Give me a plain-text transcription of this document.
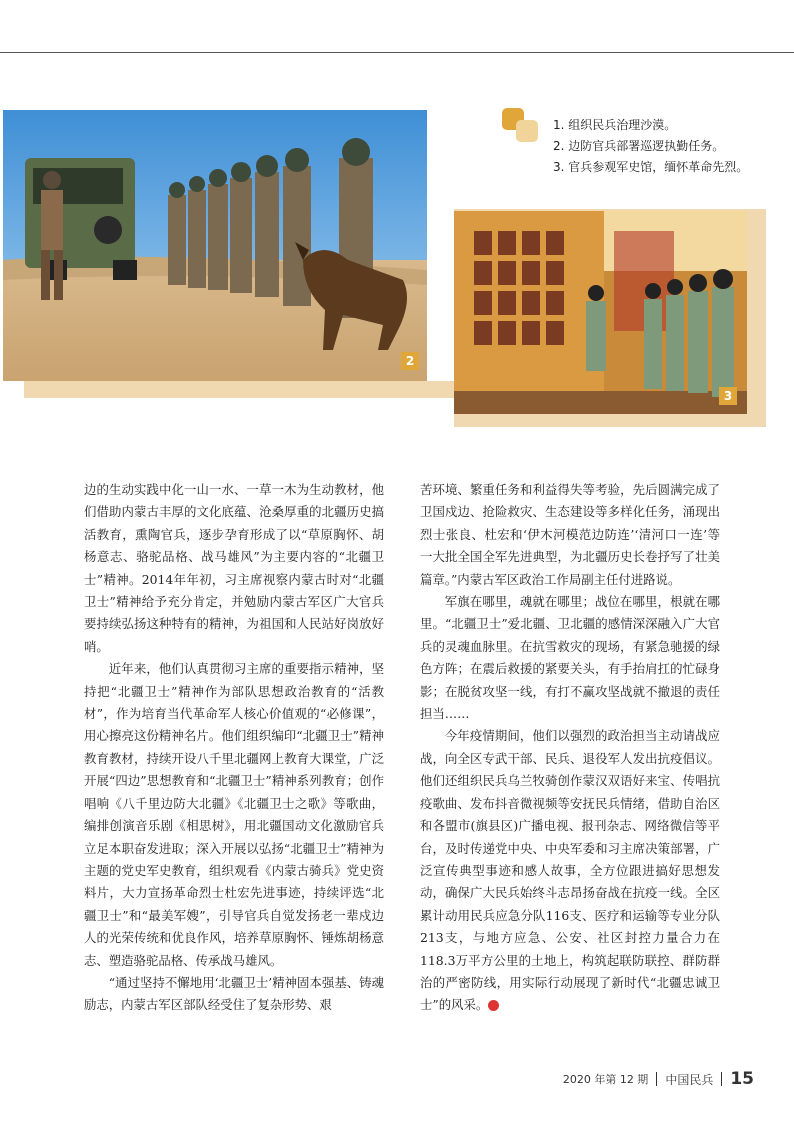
2
3
1. 组织民兵治理沙漠。
2. 边防官兵部署巡逻执勤任务。
3. 官兵参观军史馆，缅怀革命先烈。

边的生动实践中化一山一水、一草一木为生动教材，他们借助内蒙古丰厚的文化底蕴、沧桑厚重的北疆历史搞活教育，熏陶官兵，逐步孕育形成了以“草原胸怀、胡杨意志、骆驼品格、战马雄风”为主要内容的“北疆卫士”精神。2014年年初，习主席视察内蒙古时对“北疆卫士”精神给予充分肯定，并勉励内蒙古军区广大官兵要持续弘扬这种特有的精神，为祖国和人民站好岗放好哨。

近年来，他们认真贯彻习主席的重要指示精神，坚持把“北疆卫士”精神作为部队思想政治教育的“活教材”，作为培育当代革命军人核心价值观的“必修课”，用心擦亮这份精神名片。他们组织编印“北疆卫士”精神教育教材，持续开设八千里北疆网上教育大课堂，广泛开展“四边”思想教育和“北疆卫士”精神系列教育；创作唱响《八千里边防大北疆》《北疆卫士之歌》等歌曲，编排创演音乐剧《相思树》，用北疆国动文化激励官兵立足本职奋发进取；深入开展以弘扬“北疆卫士”精神为主题的党史军史教育，组织观看《内蒙古骑兵》党史资料片，大力宣扬革命烈士杜宏先进事迹，持续评选“北疆卫士”和“最美军嫂”，引导官兵自觉发扬老一辈戍边人的光荣传统和优良作风，培养草原胸怀、锤炼胡杨意志、塑造骆驼品格、传承战马雄风。

“通过坚持不懈地用‘北疆卫士’精神固本强基、铸魂励志，内蒙古军区部队经受住了复杂形势、艰

苦环境、繁重任务和利益得失等考验，先后圆满完成了卫国戍边、抢险救灾、生态建设等多样化任务，涌现出烈士张良、杜宏和‘伊木河模范边防连’‘清河口一连’等一大批全国全军先进典型，为北疆历史长卷抒写了壮美篇章。”内蒙古军区政治工作局副主任付进路说。

军旗在哪里，魂就在哪里；战位在哪里，根就在哪里。“北疆卫士”爱北疆、卫北疆的感情深深融入广大官兵的灵魂血脉里。在抗雪救灾的现场，有紧急驰援的绿色方阵；在震后救援的紧要关头，有手抬肩扛的忙碌身影；在脱贫攻坚一线，有打不赢攻坚战就不撤退的责任担当……

今年疫情期间，他们以强烈的政治担当主动请战应战，向全区专武干部、民兵、退役军人发出抗疫倡议。他们还组织民兵乌兰牧骑创作蒙汉双语好来宝、传唱抗疫歌曲、发布抖音微视频等安抚民兵情绪，借助自治区和各盟市(旗县区)广播电视、报刊杂志、网络微信等平台，及时传递党中央、中央军委和习主席决策部署，广泛宣传典型事迹和感人故事，全方位跟进搞好思想发动，确保广大民兵始终斗志昂扬奋战在抗疫一线。全区累计动用民兵应急分队116支、医疗和运输等专业分队213支，与地方应急、公安、社区封控力量合力在118.3万平方公里的土地上，构筑起联防联控、群防群治的严密防线，用实际行动展现了新时代“北疆忠诚卫士”的风采。	①

2020 年第 12 期 中国民兵 15
